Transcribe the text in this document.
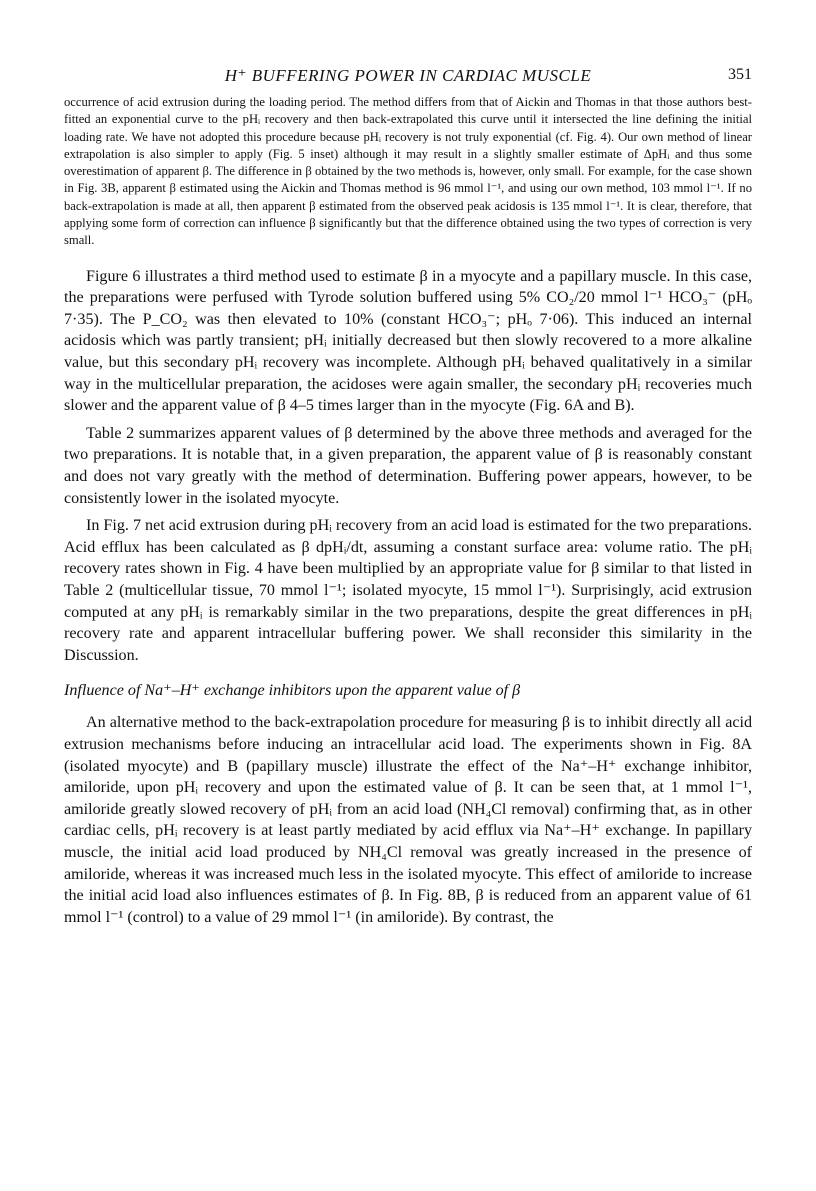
H⁺ BUFFERING POWER IN CARDIAC MUSCLE	351

occurrence of acid extrusion during the loading period. The method differs from that of Aickin and Thomas in that those authors best-fitted an exponential curve to the pHᵢ recovery and then back-extrapolated this curve until it intersected the line defining the initial loading rate. We have not adopted this procedure because pHᵢ recovery is not truly exponential (cf. Fig. 4). Our own method of linear extrapolation is also simpler to apply (Fig. 5 inset) although it may result in a slightly smaller estimate of ΔpHᵢ and thus some overestimation of apparent β. The difference in β obtained by the two methods is, however, only small. For example, for the case shown in Fig. 3B, apparent β estimated using the Aickin and Thomas method is 96 mmol l⁻¹, and using our own method, 103 mmol l⁻¹. If no back-extrapolation is made at all, then apparent β estimated from the observed peak acidosis is 135 mmol l⁻¹. It is clear, therefore, that applying some form of correction can influence β significantly but that the difference obtained using the two types of correction is very small.

Figure 6 illustrates a third method used to estimate β in a myocyte and a papillary muscle. In this case, the preparations were perfused with Tyrode solution buffered using 5% CO₂/20 mmol l⁻¹ HCO₃⁻ (pHₒ 7·35). The P_CO₂ was then elevated to 10% (constant HCO₃⁻; pHₒ 7·06). This induced an internal acidosis which was partly transient; pHᵢ initially decreased but then slowly recovered to a more alkaline value, but this secondary pHᵢ recovery was incomplete. Although pHᵢ behaved qualitatively in a similar way in the multicellular preparation, the acidoses were again smaller, the secondary pHᵢ recoveries much slower and the apparent value of β 4–5 times larger than in the myocyte (Fig. 6A and B).

Table 2 summarizes apparent values of β determined by the above three methods and averaged for the two preparations. It is notable that, in a given preparation, the apparent value of β is reasonably constant and does not vary greatly with the method of determination. Buffering power appears, however, to be consistently lower in the isolated myocyte.

In Fig. 7 net acid extrusion during pHᵢ recovery from an acid load is estimated for the two preparations. Acid efflux has been calculated as β dpHᵢ/dt, assuming a constant surface area: volume ratio. The pHᵢ recovery rates shown in Fig. 4 have been multiplied by an appropriate value for β similar to that listed in Table 2 (multicellular tissue, 70 mmol l⁻¹; isolated myocyte, 15 mmol l⁻¹). Surprisingly, acid extrusion computed at any pHᵢ is remarkably similar in the two preparations, despite the great differences in pHᵢ recovery rate and apparent intracellular buffering power. We shall reconsider this similarity in the Discussion.

Influence of Na⁺–H⁺ exchange inhibitors upon the apparent value of β

An alternative method to the back-extrapolation procedure for measuring β is to inhibit directly all acid extrusion mechanisms before inducing an intracellular acid load. The experiments shown in Fig. 8A (isolated myocyte) and B (papillary muscle) illustrate the effect of the Na⁺–H⁺ exchange inhibitor, amiloride, upon pHᵢ recovery and upon the estimated value of β. It can be seen that, at 1 mmol l⁻¹, amiloride greatly slowed recovery of pHᵢ from an acid load (NH₄Cl removal) confirming that, as in other cardiac cells, pHᵢ recovery is at least partly mediated by acid efflux via Na⁺–H⁺ exchange. In papillary muscle, the initial acid load produced by NH₄Cl removal was greatly increased in the presence of amiloride, whereas it was increased much less in the isolated myocyte. This effect of amiloride to increase the initial acid load also influences estimates of β. In Fig. 8B, β is reduced from an apparent value of 61 mmol l⁻¹ (control) to a value of 29 mmol l⁻¹ (in amiloride). By contrast, the
